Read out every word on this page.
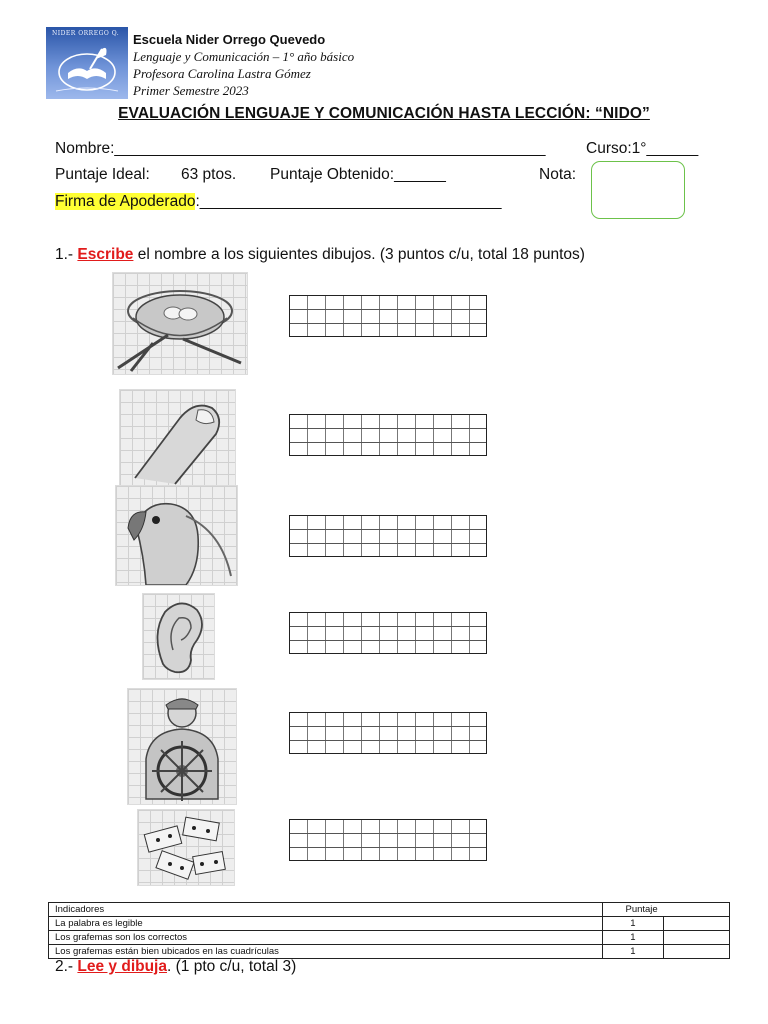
NIDER ORREGO Q. Escuela Nider Orrego Quevedo
Lenguaje y Comunicación – 1° año básico
Profesora Carolina Lastra Gómez
Primer Semestre 2023
EVALUACIÓN LENGUAJE Y COMUNICACIÓN HASTA LECCIÓN: “NIDO”
Nombre:__________________________________________________	Curso:1°______
Puntaje Ideal: 63 ptos. Puntaje Obtenido:______	Nota:
Firma de Apoderado:___________________________________
1.- Escribe el nombre a los siguientes dibujos. (3 puntos c/u, total 18 puntos)
Indicadores	Puntaje	
La palabra es legible	1	
Los grafemas son los correctos	1	
Los grafemas están bien ubicados en las cuadrículas	1	
2.- Lee y dibuja. (1 pto c/u, total 3)
